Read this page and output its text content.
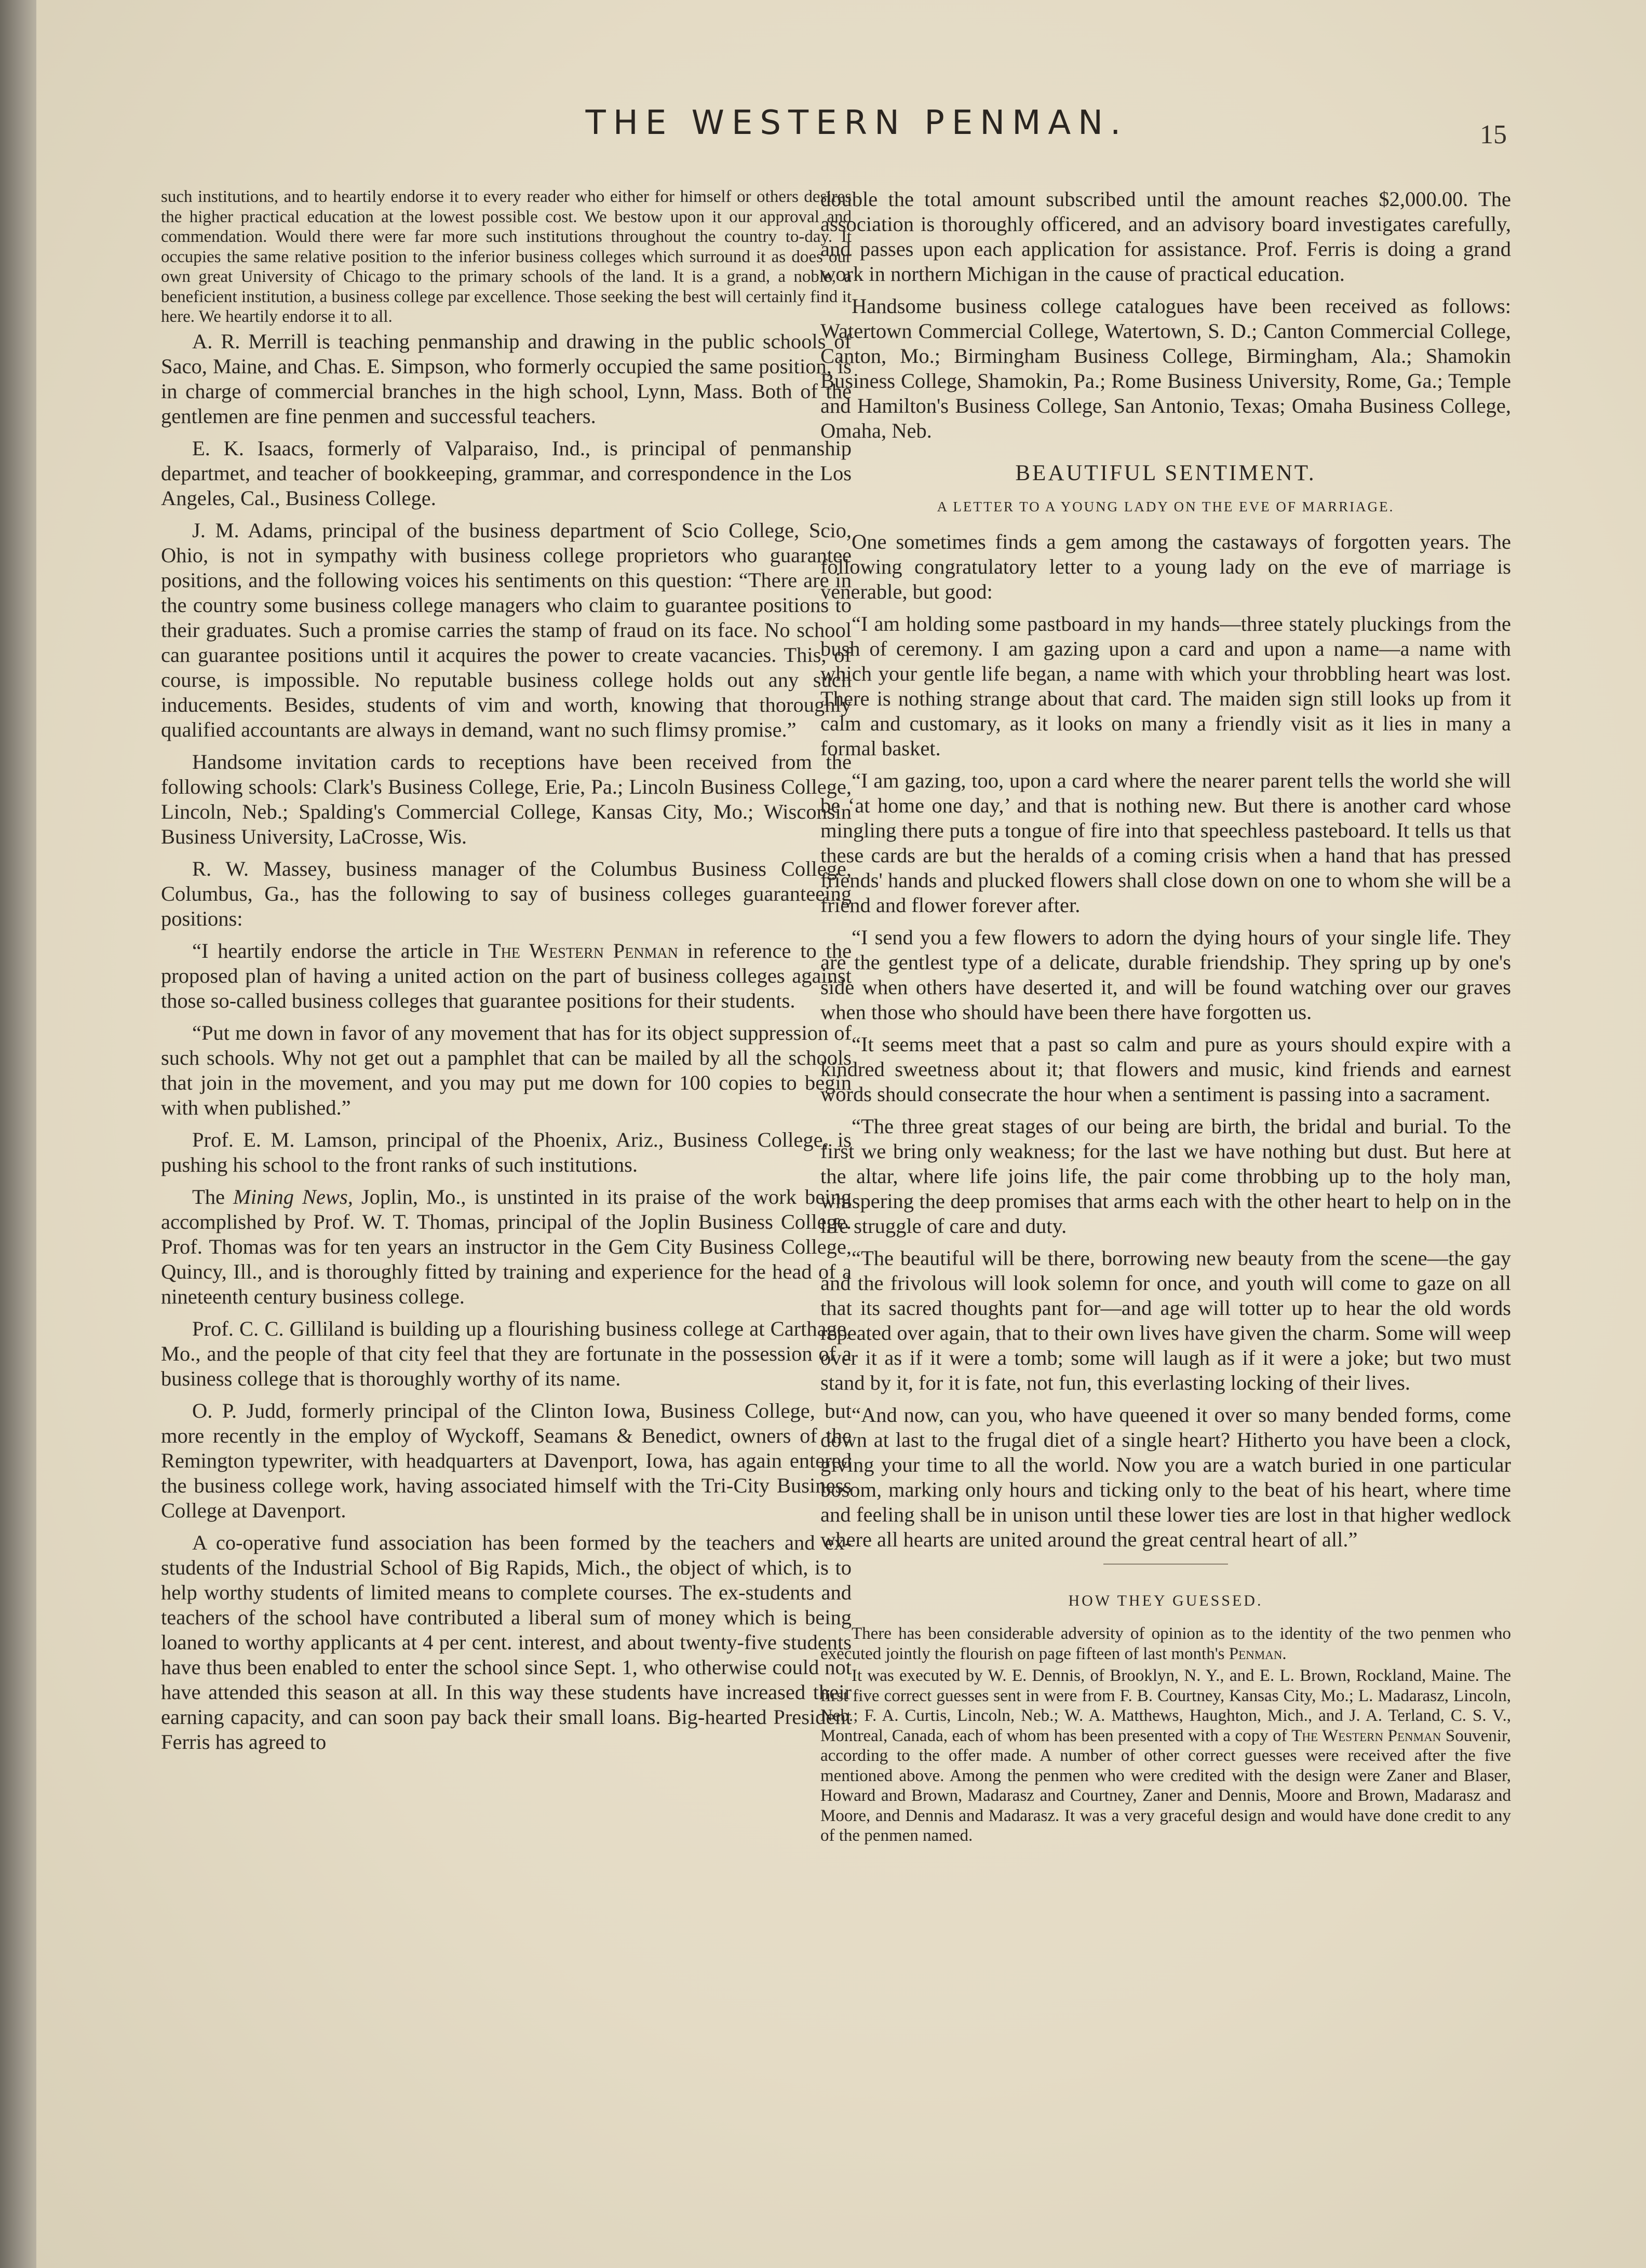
THE WESTERN PENMAN.	15

such institutions, and to heartily endorse it to every reader who either for himself or others desires the higher practical education at the lowest possible cost. We bestow upon it our approval and commendation. Would there were far more such institutions throughout the country to-day. It occupies the same relative position to the inferior business colleges which surround it as does our own great University of Chicago to the primary schools of the land. It is a grand, a noble, a beneficient institution, a business college par excellence. Those seeking the best will certainly find it here. We heartily endorse it to all.

A. R. Merrill is teaching penmanship and drawing in the public schools of Saco, Maine, and Chas. E. Simpson, who formerly occupied the same position, is in charge of commercial branches in the high school, Lynn, Mass. Both of the gentlemen are fine penmen and successful teachers.

E. K. Isaacs, formerly of Valparaiso, Ind., is principal of penmanship departmet, and teacher of bookkeeping, grammar, and correspondence in the Los Angeles, Cal., Business College.

J. M. Adams, principal of the business department of Scio College, Scio, Ohio, is not in sympathy with business college proprietors who guarantee positions, and the following voices his sentiments on this question: “There are in the country some business college managers who claim to guarantee positions to their graduates. Such a promise carries the stamp of fraud on its face. No school can guarantee positions until it acquires the power to create vacancies. This, of course, is impossible. No reputable business college holds out any such inducements. Besides, students of vim and worth, knowing that thoroughly qualified accountants are always in demand, want no such flimsy promise.”

Handsome invitation cards to receptions have been received from the following schools: Clark's Business College, Erie, Pa.; Lincoln Business College, Lincoln, Neb.; Spalding's Commercial College, Kansas City, Mo.; Wisconsin Business University, LaCrosse, Wis.

R. W. Massey, business manager of the Columbus Business College, Columbus, Ga., has the following to say of business colleges guaranteeing positions:

“I heartily endorse the article in The Western Penman in reference to the proposed plan of having a united action on the part of business colleges against those so-called business colleges that guarantee positions for their students.

“Put me down in favor of any movement that has for its object suppression of such schools. Why not get out a pamphlet that can be mailed by all the schools that join in the movement, and you may put me down for 100 copies to begin with when published.”

Prof. E. M. Lamson, principal of the Phoenix, Ariz., Business College, is pushing his school to the front ranks of such institutions.

The Mining News, Joplin, Mo., is unstinted in its praise of the work being accomplished by Prof. W. T. Thomas, principal of the Joplin Business College. Prof. Thomas was for ten years an instructor in the Gem City Business College, Quincy, Ill., and is thoroughly fitted by training and experience for the head of a nineteenth century business college.

Prof. C. C. Gilliland is building up a flourishing business college at Carthage, Mo., and the people of that city feel that they are fortunate in the possession of a business college that is thoroughly worthy of its name.

O. P. Judd, formerly principal of the Clinton Iowa, Business College, but more recently in the employ of Wyckoff, Seamans & Benedict, owners of the Remington typewriter, with headquarters at Davenport, Iowa, has again entered the business college work, having associated himself with the Tri-City Business College at Davenport.

A co-operative fund association has been formed by the teachers and ex-students of the Industrial School of Big Rapids, Mich., the object of which, is to help worthy students of limited means to complete courses. The ex-students and teachers of the school have contributed a liberal sum of money which is being loaned to worthy applicants at 4 per cent. interest, and about twenty-five students have thus been enabled to enter the school since Sept. 1, who otherwise could not have attended this season at all. In this way these students have increased their earning capacity, and can soon pay back their small loans. Big-hearted President Ferris has agreed to

double the total amount subscribed until the amount reaches $2,000.00. The association is thoroughly officered, and an advisory board investigates carefully, and passes upon each application for assistance. Prof. Ferris is doing a grand work in northern Michigan in the cause of practical education.

Handsome business college catalogues have been received as follows: Watertown Commercial College, Watertown, S. D.; Canton Commercial College, Canton, Mo.; Birmingham Business College, Birmingham, Ala.; Shamokin Business College, Shamokin, Pa.; Rome Business University, Rome, Ga.; Temple and Hamilton's Business College, San Antonio, Texas; Omaha Business College, Omaha, Neb.

BEAUTIFUL SENTIMENT.
A LETTER TO A YOUNG LADY ON THE EVE OF MARRIAGE.

One sometimes finds a gem among the castaways of forgotten years. The following congratulatory letter to a young lady on the eve of marriage is venerable, but good:

“I am holding some pastboard in my hands—three stately pluckings from the bush of ceremony. I am gazing upon a card and upon a name—a name with which your gentle life began, a name with which your throbbling heart was lost. There is nothing strange about that card. The maiden sign still looks up from it calm and customary, as it looks on many a friendly visit as it lies in many a formal basket.

“I am gazing, too, upon a card where the nearer parent tells the world she will be ‘at home one day,’ and that is nothing new. But there is another card whose mingling there puts a tongue of fire into that speechless pasteboard. It tells us that these cards are but the heralds of a coming crisis when a hand that has pressed friends' hands and plucked flowers shall close down on one to whom she will be a friend and flower forever after.

“I send you a few flowers to adorn the dying hours of your single life. They are the gentlest type of a delicate, durable friendship. They spring up by one's side when others have deserted it, and will be found watching over our graves when those who should have been there have forgotten us.

“It seems meet that a past so calm and pure as yours should expire with a kindred sweetness about it; that flowers and music, kind friends and earnest words should consecrate the hour when a sentiment is passing into a sacrament.

“The three great stages of our being are birth, the bridal and burial. To the first we bring only weakness; for the last we have nothing but dust. But here at the altar, where life joins life, the pair come throbbing up to the holy man, whispering the deep promises that arms each with the other heart to help on in the life struggle of care and duty.

“The beautiful will be there, borrowing new beauty from the scene—the gay and the frivolous will look solemn for once, and youth will come to gaze on all that its sacred thoughts pant for—and age will totter up to hear the old words repeated over again, that to their own lives have given the charm. Some will weep over it as if it were a tomb; some will laugh as if it were a joke; but two must stand by it, for it is fate, not fun, this everlasting locking of their lives.

“And now, can you, who have queened it over so many bended forms, come down at last to the frugal diet of a single heart? Hitherto you have been a clock, giving your time to all the world. Now you are a watch buried in one particular bosom, marking only hours and ticking only to the beat of his heart, where time and feeling shall be in unison until these lower ties are lost in that higher wedlock where all hearts are united around the great central heart of all.”

HOW THEY GUESSED.

There has been considerable adversity of opinion as to the identity of the two penmen who executed jointly the flourish on page fifteen of last month's Penman.

It was executed by W. E. Dennis, of Brooklyn, N. Y., and E. L. Brown, Rockland, Maine. The first five correct guesses sent in were from F. B. Courtney, Kansas City, Mo.; L. Madarasz, Lincoln, Neb.; F. A. Curtis, Lincoln, Neb.; W. A. Matthews, Haughton, Mich., and J. A. Terland, C. S. V., Montreal, Canada, each of whom has been presented with a copy of The Western Penman Souvenir, according to the offer made. A number of other correct guesses were received after the five mentioned above. Among the penmen who were credited with the design were Zaner and Blaser, Howard and Brown, Madarasz and Courtney, Zaner and Dennis, Moore and Brown, Madarasz and Moore, and Dennis and Madarasz. It was a very graceful design and would have done credit to any of the penmen named.
